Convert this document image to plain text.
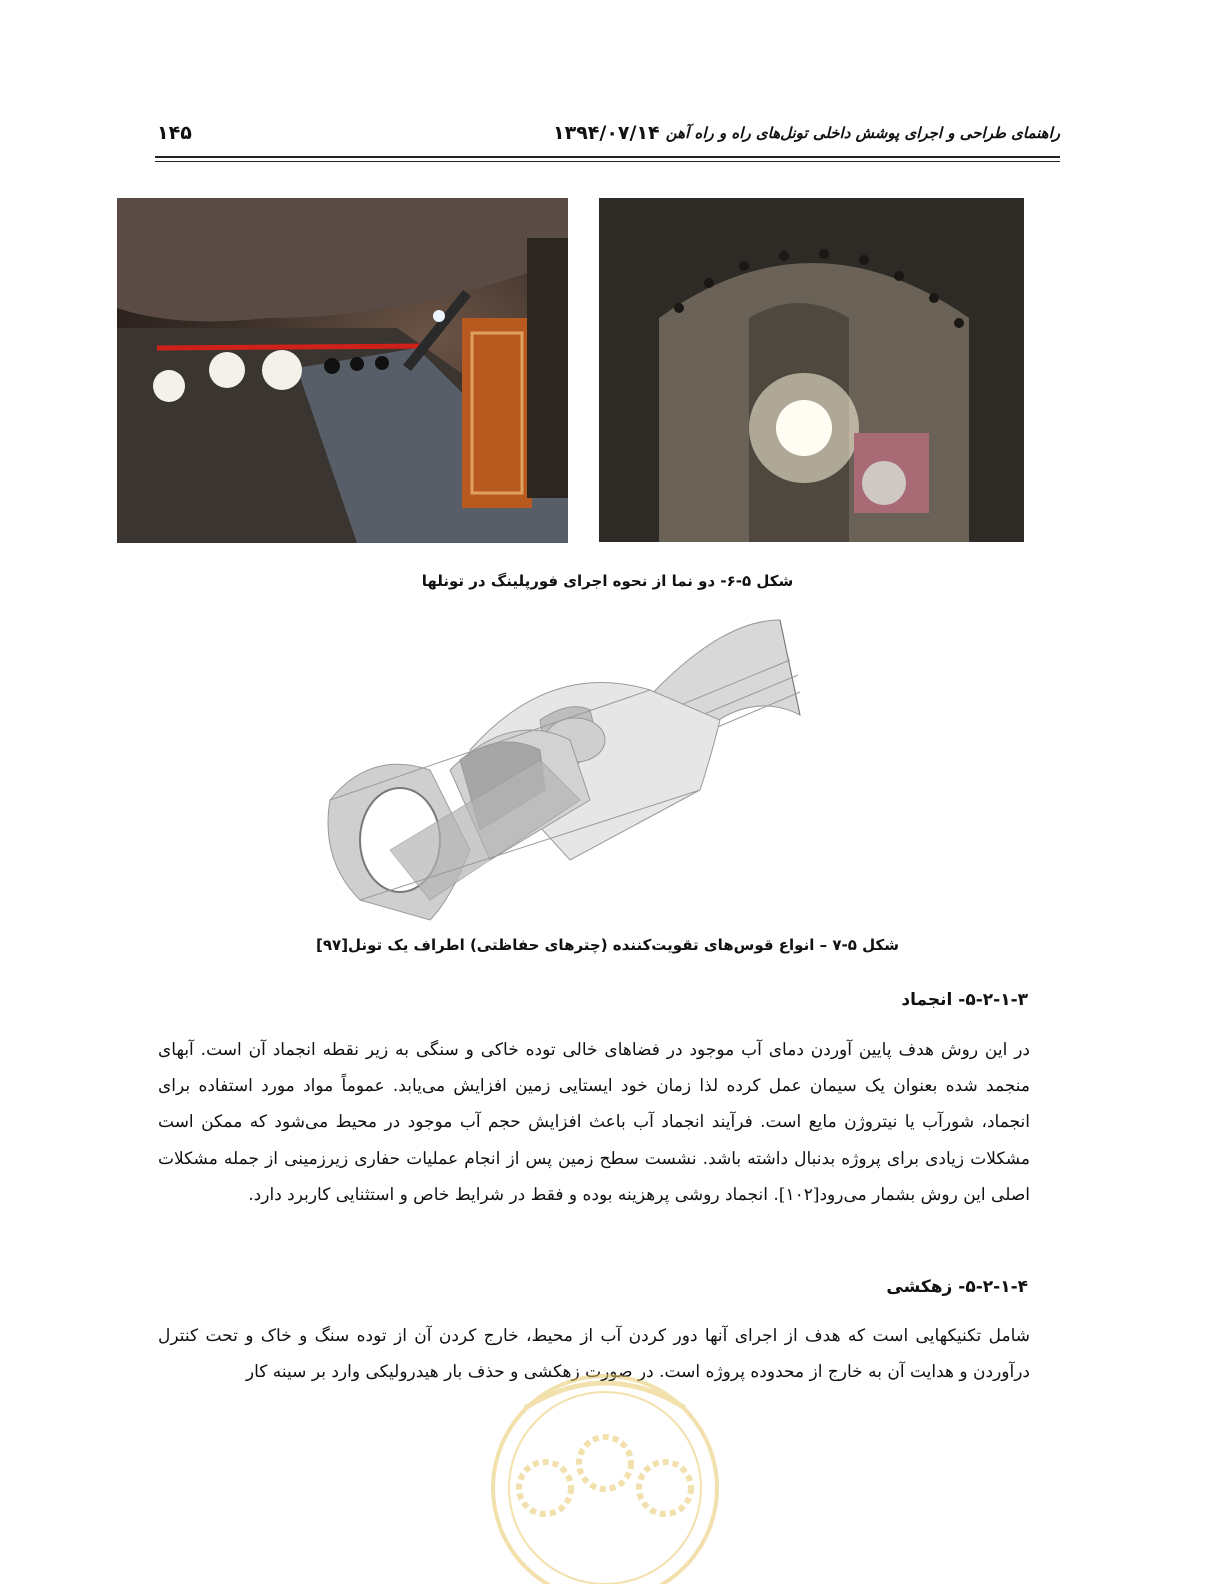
۱۴۵	۱۳۹۴/۰۷/۱۴ راهنمای طراحی و اجرای پوشش داخلی تونل‌های راه و راه آهن
شکل ۵-۶- دو نما از نحوه اجرای فورپلینگ در تونلها
شکل ۵-۷ – انواع قوس‌های تقویت‌کننده (چترهای حفاظتی) اطراف یک تونل[۹۷]
۵-۲-۱-۳- انجماد
در این روش هدف پایین آوردن دمای آب موجود در فضاهای خالی توده خاکی و سنگی به زیر نقطه انجماد آن است. آبهای منجمد شده بعنوان یک سیمان عمل کرده لذا زمان خود ایستایی زمین افزایش می‌یابد. عموماً مواد مورد استفاده برای انجماد، شورآب یا نیتروژن مایع است. فرآیند انجماد آب باعث افزایش حجم آب موجود در محیط می‌شود که ممکن است مشکلات زیادی برای پروژه بدنبال داشته باشد. نشست سطح زمین پس از انجام عملیات حفاری زیرزمینی از جمله مشکلات اصلی این روش بشمار می‌رود[۱۰۲]. انجماد روشی پرهزینه بوده و فقط در شرایط خاص و استثنایی کاربرد دارد.
۵-۲-۱-۴- زهکشی
شامل تکنیکهایی است که هدف از اجرای آنها دور کردن آب از محیط، خارج کردن آن از توده سنگ و خاک و تحت کنترل درآوردن و هدایت آن به خارج از محدوده پروژه است. در صورت زهکشی و حذف بار هیدرولیکی وارد بر سینه کار
